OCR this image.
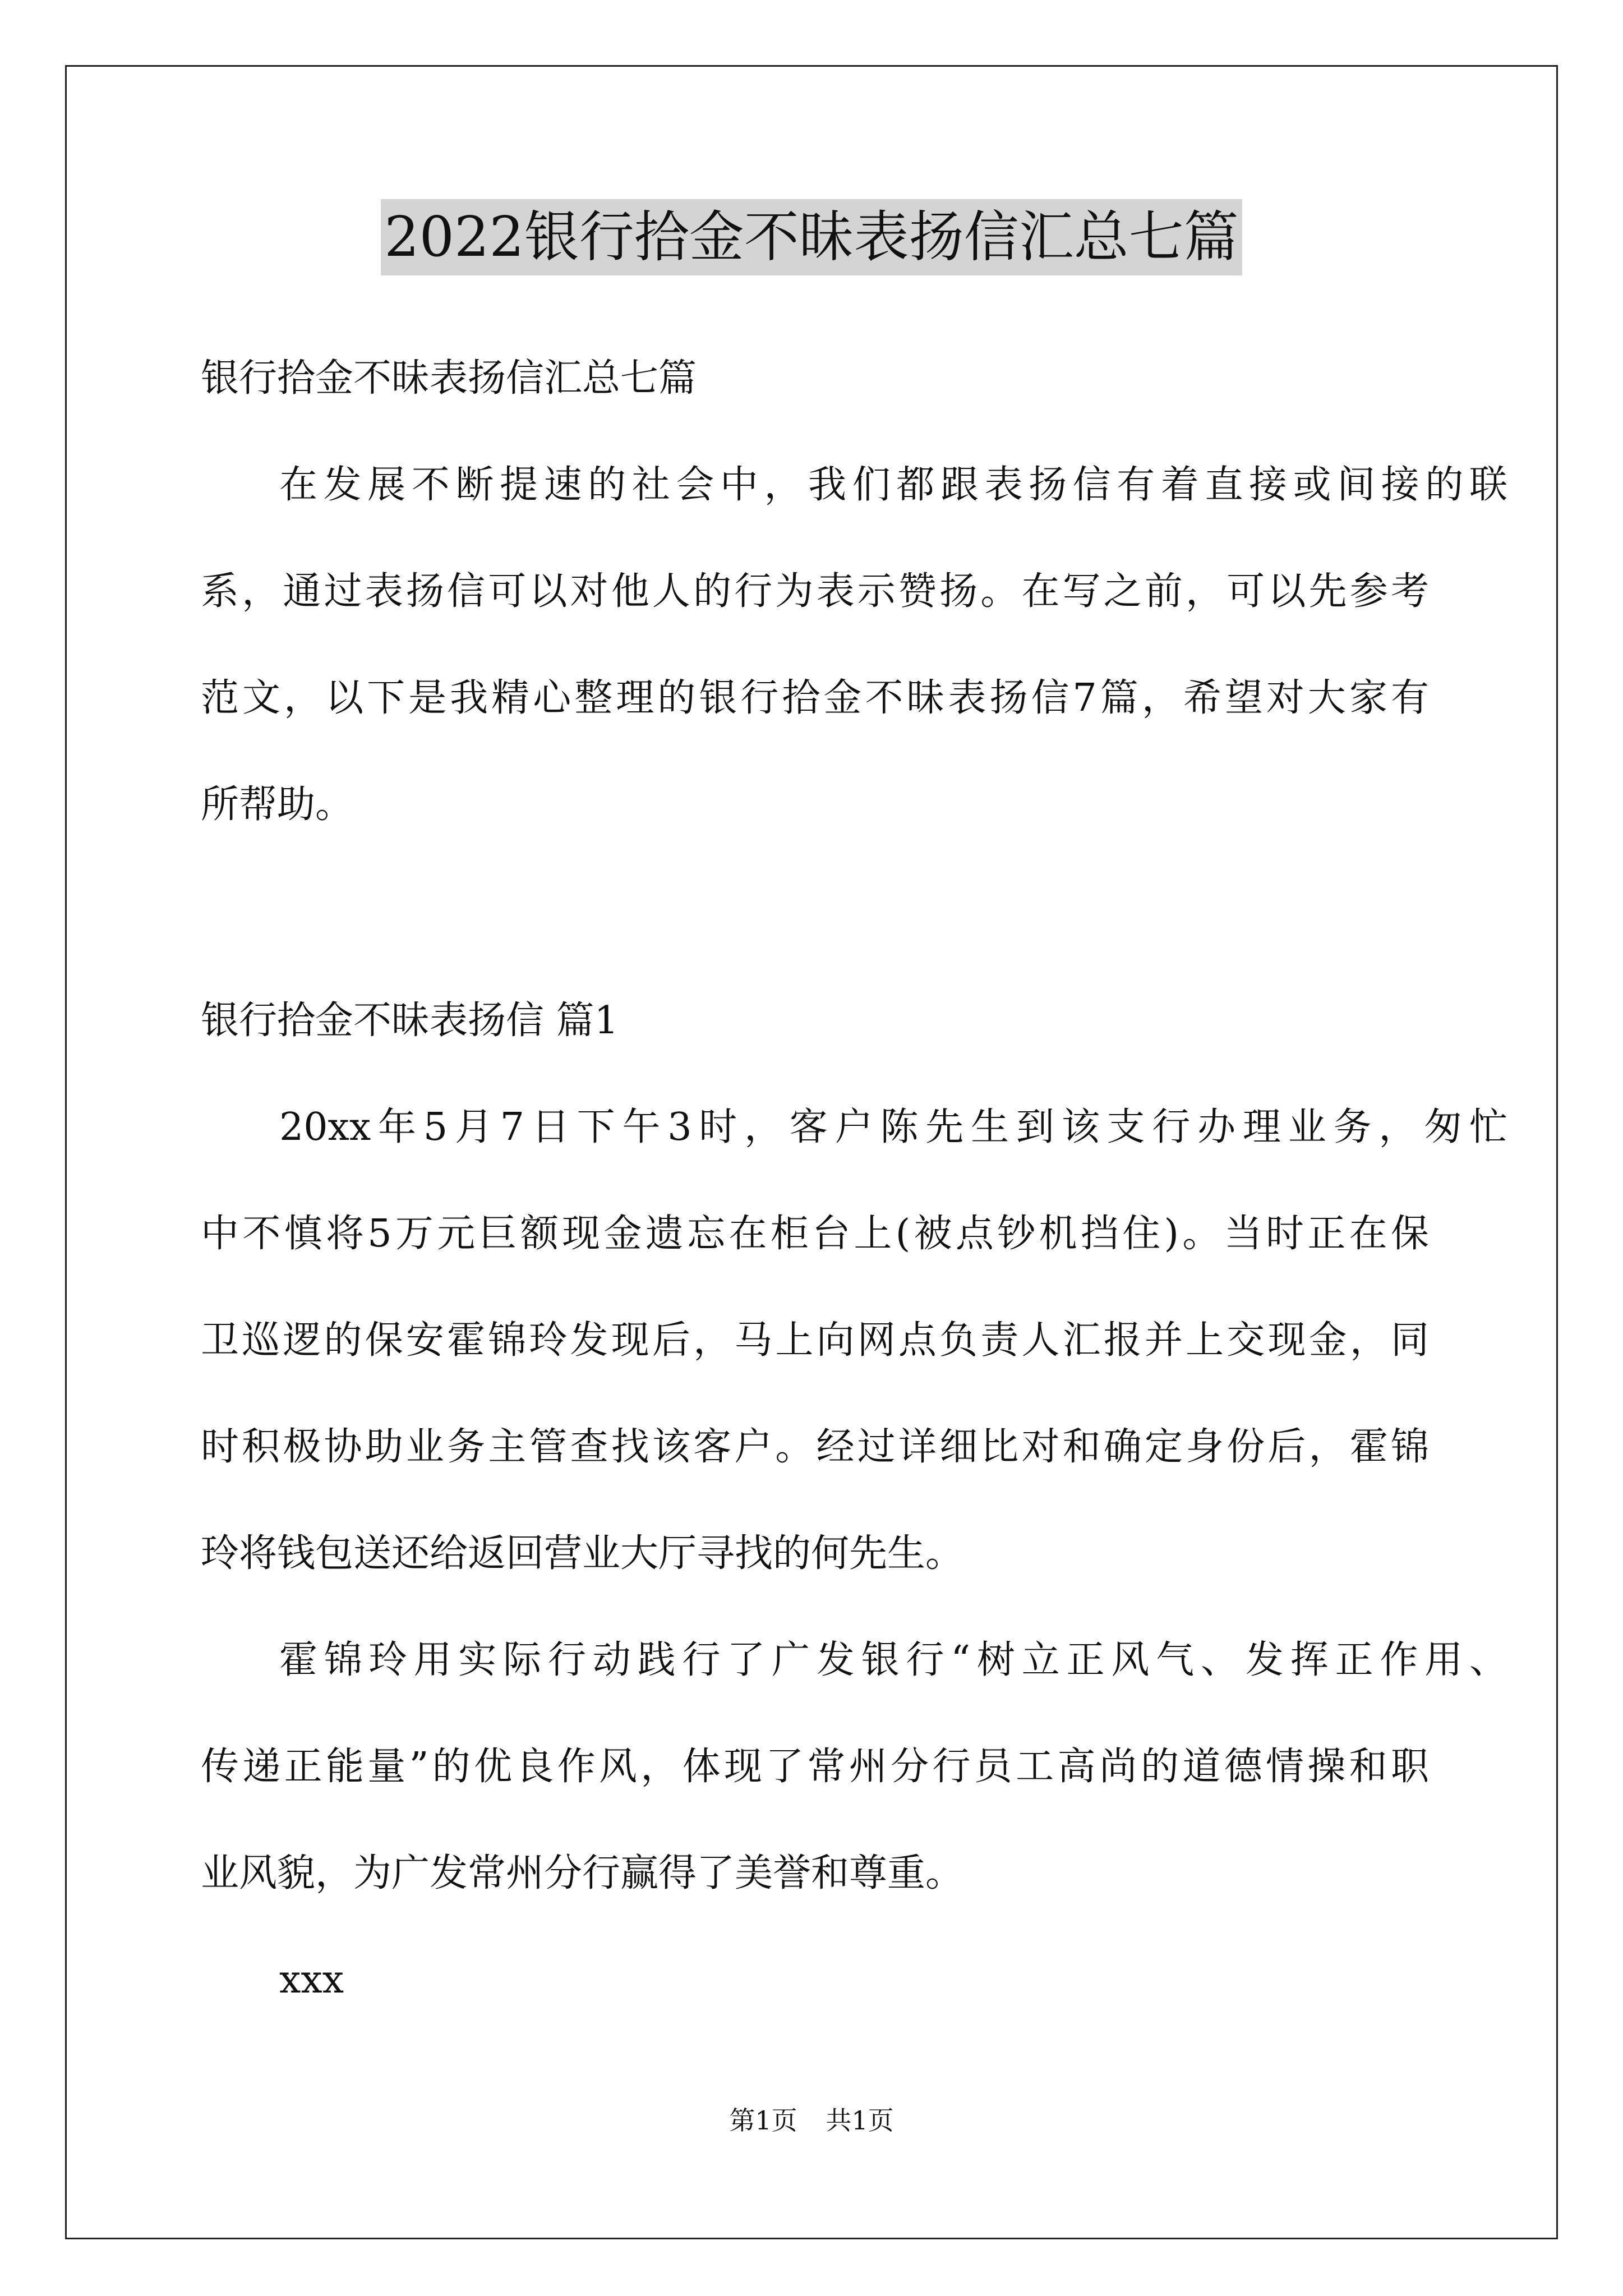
2022银行拾金不昧表扬信汇总七篇
银行拾金不昧表扬信汇总七篇
在发展不断提速的社会中，我们都跟表扬信有着直接或间接的联
系，通过表扬信可以对他人的行为表示赞扬。在写之前，可以先参考
范文，以下是我精心整理的银行拾金不昧表扬信7篇，希望对大家有
所帮助。
银行拾金不昧表扬信 篇1
20xx年5月7日下午3时，客户陈先生到该支行办理业务，匆忙
中不慎将5万元巨额现金遗忘在柜台上(被点钞机挡住)。当时正在保
卫巡逻的保安霍锦玲发现后，马上向网点负责人汇报并上交现金，同
时积极协助业务主管查找该客户。经过详细比对和确定身份后，霍锦
玲将钱包送还给返回营业大厅寻找的何先生。
霍锦玲用实际行动践行了广发银行“树立正风气、发挥正作用、
传递正能量”的优良作风，体现了常州分行员工高尚的道德情操和职
业风貌，为广发常州分行赢得了美誉和尊重。
xxx
第1页 共1页
